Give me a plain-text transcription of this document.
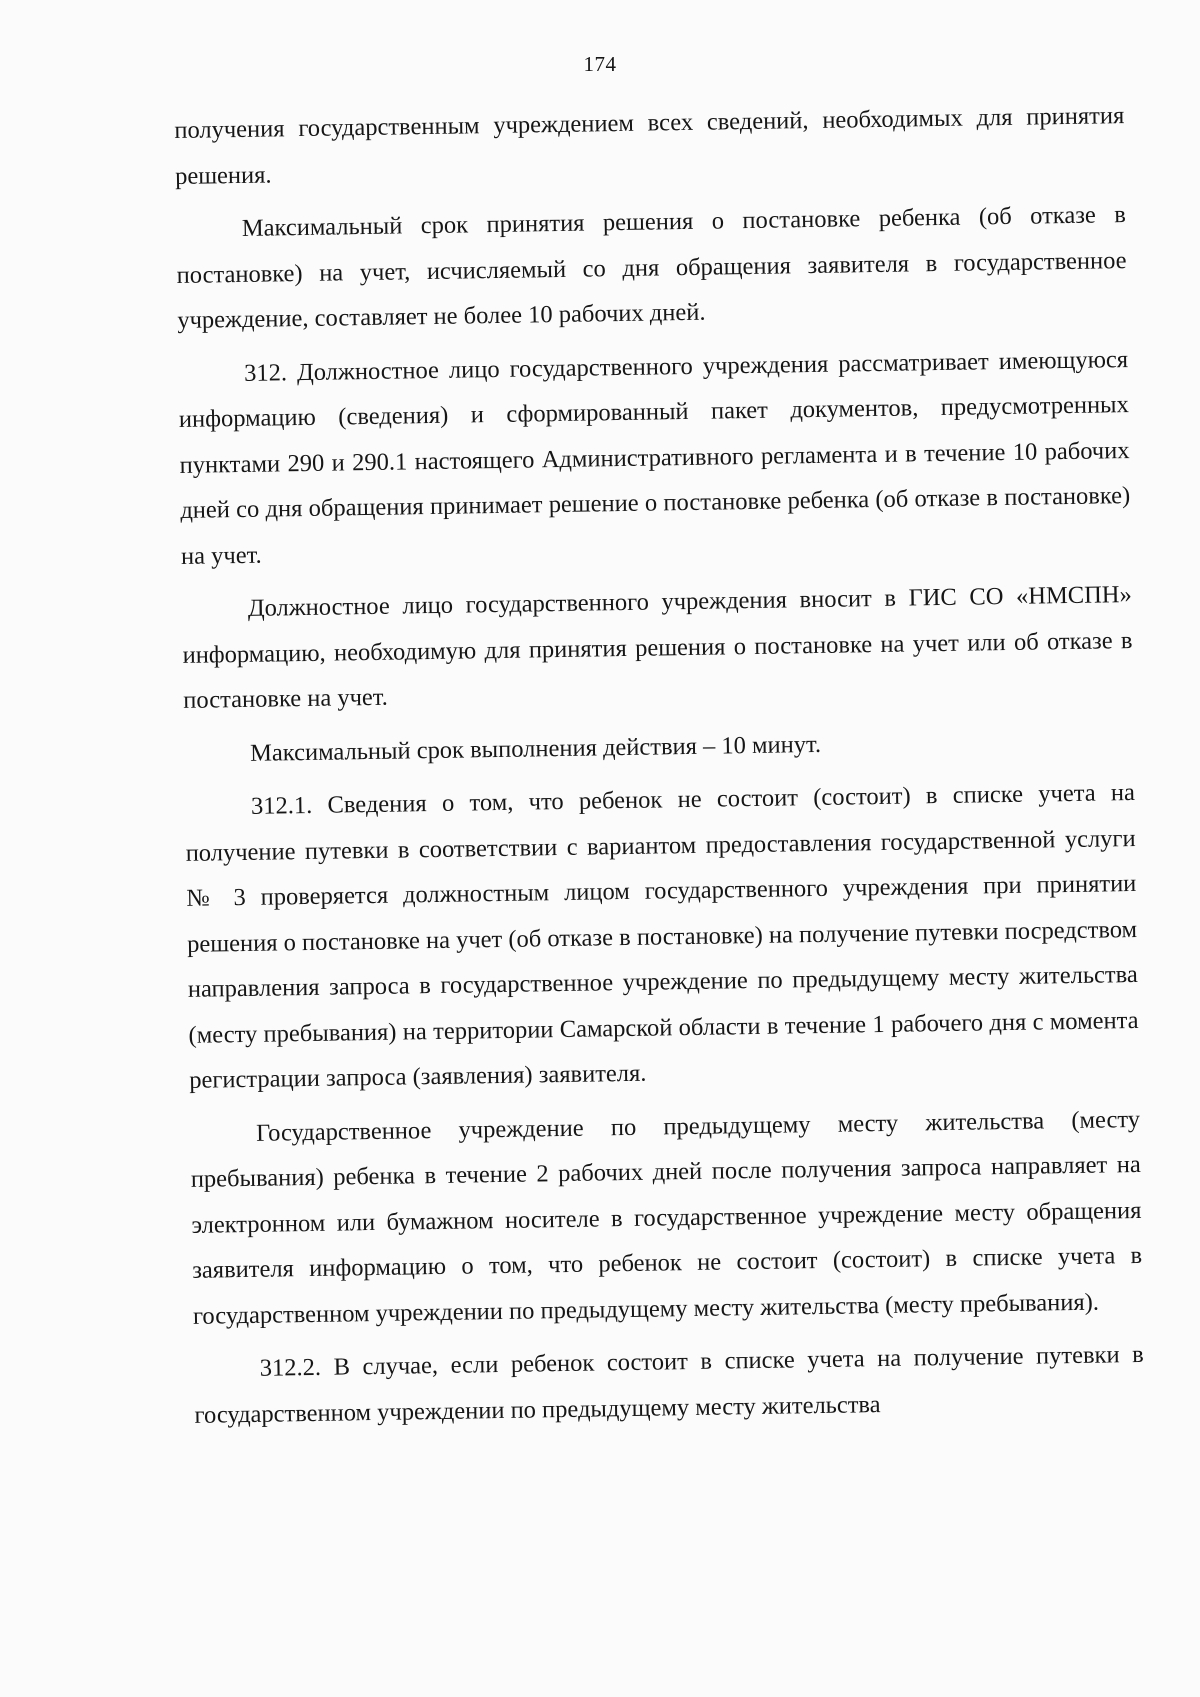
174

получения государственным учреждением всех сведений, необходимых для принятия решения.

Максимальный срок принятия решения о постановке ребенка (об отказе в постановке) на учет, исчисляемый со дня обращения заявителя в государственное учреждение, составляет не более 10 рабочих дней.

312. Должностное лицо государственного учреждения рассматривает имеющуюся информацию (сведения) и сформированный пакет документов, предусмотренных пунктами 290 и 290.1 настоящего Административного регламента и в течение 10 рабочих дней со дня обращения принимает решение о постановке ребенка (об отказе в постановке) на учет.

Должностное лицо государственного учреждения вносит в ГИС СО «НМСПН» информацию, необходимую для принятия решения о постановке на учет или об отказе в постановке на учет.

Максимальный срок выполнения действия – 10 минут.

312.1. Сведения о том, что ребенок не состоит (состоит) в списке учета на получение путевки в соответствии с вариантом предоставления государственной услуги № 3 проверяется должностным лицом государственного учреждения при принятии решения о постановке на учет (об отказе в постановке) на получение путевки посредством направления запроса в государственное учреждение по предыдущему месту жительства (месту пребывания) на территории Самарской области в течение 1 рабочего дня с момента регистрации запроса (заявления) заявителя.

Государственное учреждение по предыдущему месту жительства (месту пребывания) ребенка в течение 2 рабочих дней после получения запроса направляет на электронном или бумажном носителе в государственное учреждение месту обращения заявителя информацию о том, что ребенок не состоит (состоит) в списке учета в государственном учреждении по предыдущему месту жительства (месту пребывания).

312.2. В случае, если ребенок состоит в списке учета на получение путевки в государственном учреждении по предыдущему месту жительства
